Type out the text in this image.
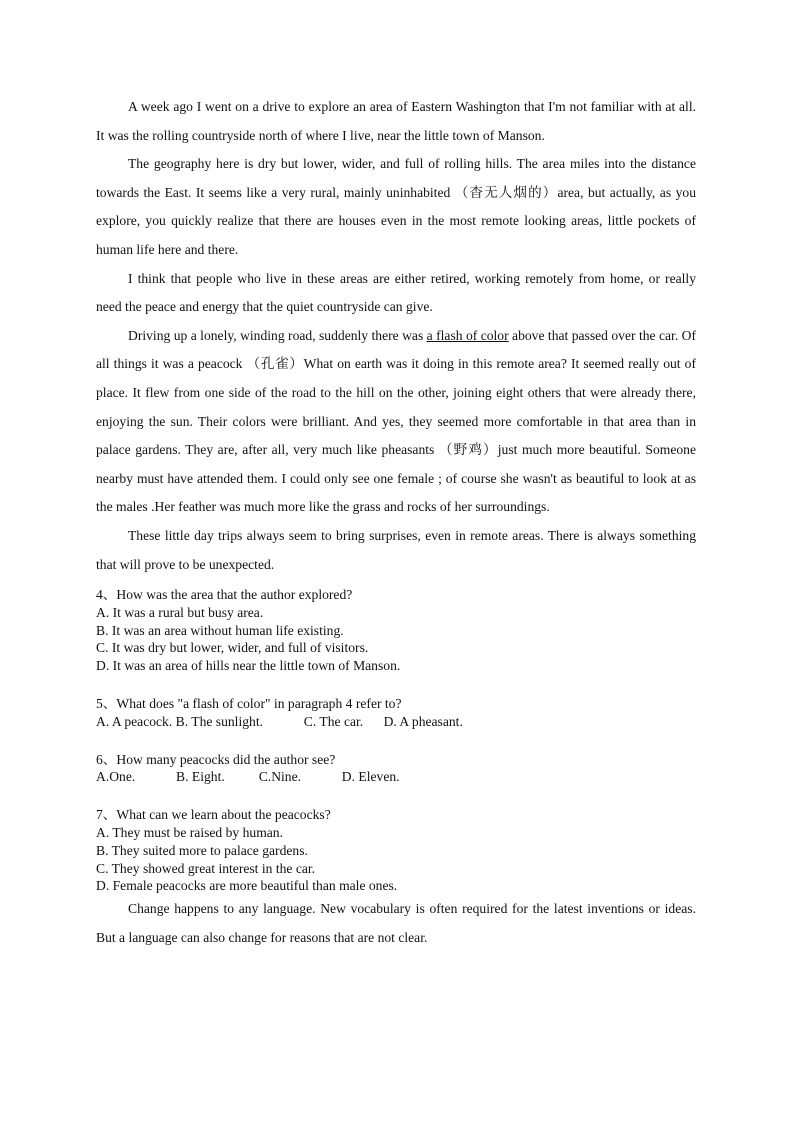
A week ago I went on a drive to explore an area of Eastern Washington that I'm not familiar with at all. It was the rolling countryside north of where I live, near the little town of Manson.

The geography here is dry but lower, wider, and full of rolling hills. The area miles into the distance towards the East. It seems like a very rural, mainly uninhabited （杳无人烟的）area, but actually, as you explore, you quickly realize that there are houses even in the most remote looking areas, little pockets of human life here and there.

I think that people who live in these areas are either retired, working remotely from home, or really need the peace and energy that the quiet countryside can give.

Driving up a lonely, winding road, suddenly there was a flash of color above that passed over the car. Of all things it was a peacock （孔雀）What on earth was it doing in this remote area? It seemed really out of place. It flew from one side of the road to the hill on the other, joining eight others that were already there, enjoying the sun. Their colors were brilliant. And yes, they seemed more comfortable in that area than in palace gardens. They are, after all, very much like pheasants （野鸡）just much more beautiful. Someone nearby must have attended them. I could only see one female ; of course she wasn't as beautiful to look at as the males .Her feather was much more like the grass and rocks of her surroundings.

These little day trips always seem to bring surprises, even in remote areas. There is always something that will prove to be unexpected.

4、How was the area that the author explored?
A. It was a rural but busy area.
B. It was an area without human life existing.
C. It was dry but lower, wider, and full of visitors.
D. It was an area of hills near the little town of Manson.
5、What does "a flash of color" in paragraph 4 refer to?
A. A peacock. B. The sunlight.            C. The car.      D. A pheasant.
6、How many peacocks did the author see?
A.One.            B. Eight.          C.Nine.            D. Eleven.
7、What can we learn about the peacocks?
A. They must be raised by human.
B. They suited more to palace gardens.
C. They showed great interest in the car.
D. Female peacocks are more beautiful than male ones.

Change happens to any language. New vocabulary is often required for the latest inventions or ideas. But a language can also change for reasons that are not clear.
